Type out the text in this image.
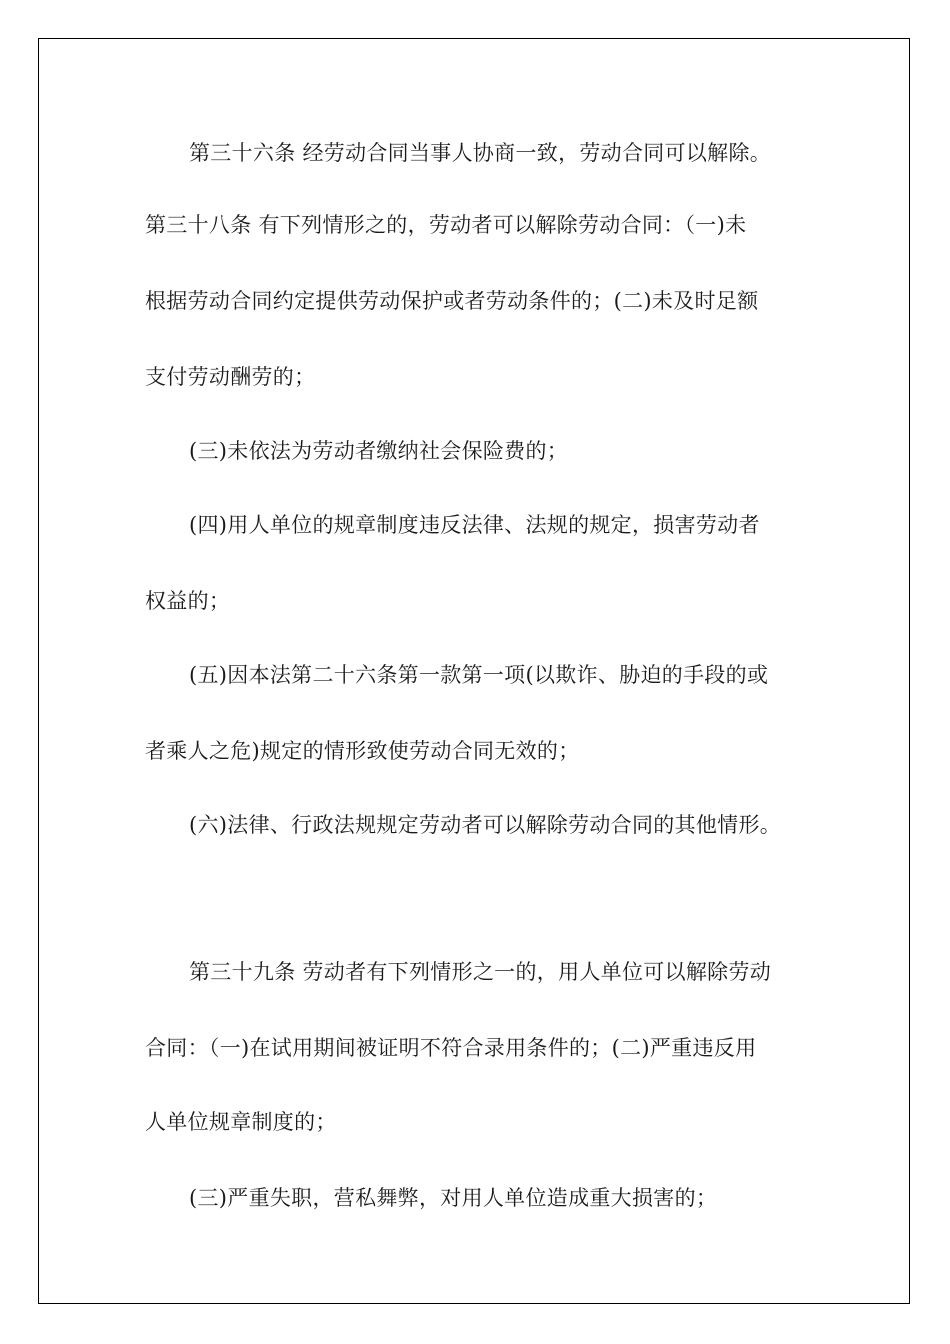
第三十六条 经劳动合同当事人协商一致，劳动合同可以解除。
第三十八条 有下列情形之的，劳动者可以解除劳动合同：（一)未
根据劳动合同约定提供劳动保护或者劳动条件的；(二)未及时足额
支付劳动酬劳的；
(三)未依法为劳动者缴纳社会保险费的；
(四)用人单位的规章制度违反法律、法规的规定，损害劳动者
权益的；
(五)因本法第二十六条第一款第一项(以欺诈、胁迫的手段的或
者乘人之危)规定的情形致使劳动合同无效的；
(六)法律、行政法规规定劳动者可以解除劳动合同的其他情形。
第三十九条 劳动者有下列情形之一的，用人单位可以解除劳动
合同：（一)在试用期间被证明不符合录用条件的；(二)严重违反用
人单位规章制度的；
(三)严重失职，营私舞弊，对用人单位造成重大损害的；
